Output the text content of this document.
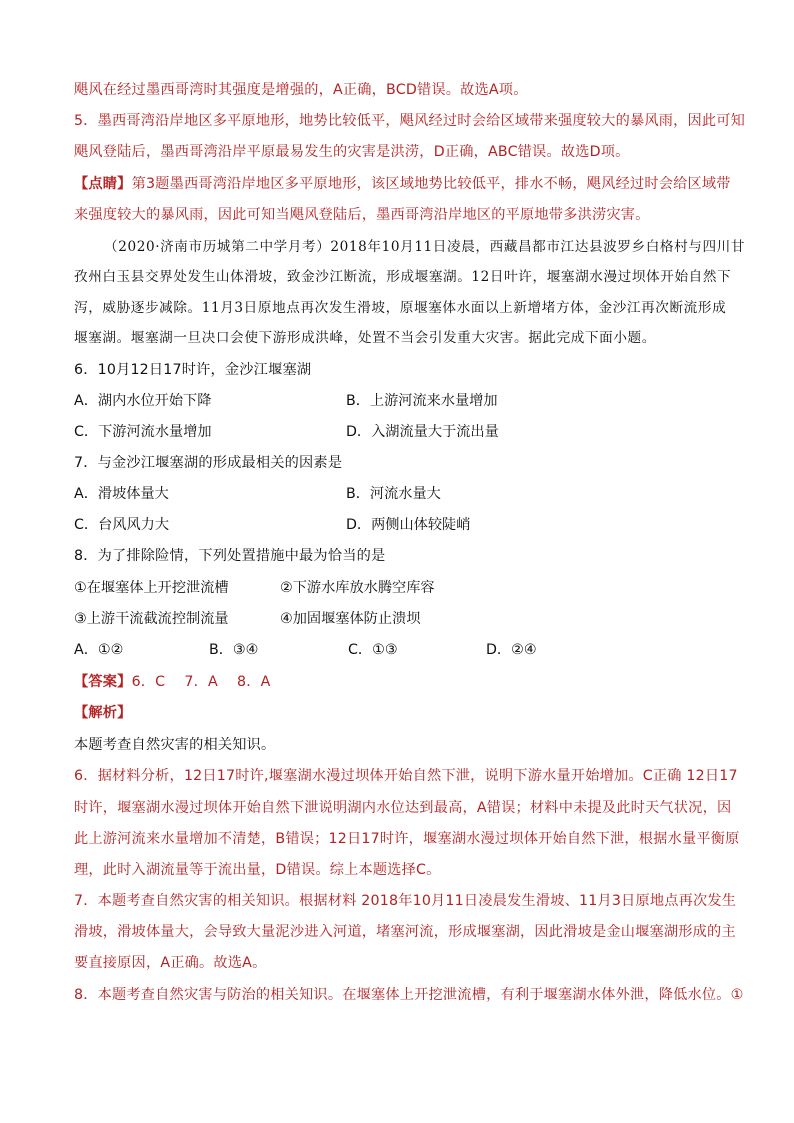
飓风在经过墨西哥湾时其强度是增强的，A正确，BCD错误。故选A项。
5．墨西哥湾沿岸地区多平原地形，地势比较低平，飓风经过时会给区域带来强度较大的暴风雨，因此可知
飓风登陆后，墨西哥湾沿岸平原最易发生的灾害是洪涝，D正确，ABC错误。故选D项。
【点睛】第3题墨西哥湾沿岸地区多平原地形，该区域地势比较低平，排水不畅，飓风经过时会给区域带
来强度较大的暴风雨，因此可知当飓风登陆后，墨西哥湾沿岸地区的平原地带多洪涝灾害。
（2020·济南市历城第二中学月考）2018年10月11日凌晨，西藏昌都市江达县波罗乡白格村与四川甘
孜州白玉县交界处发生山体滑坡，致金沙江断流，形成堰塞湖。12日叶许，堰塞湖水漫过坝体开始自然下
泻，威胁逐步减除。11月3日原地点再次发生滑坡，原堰塞体水面以上新增堵方体，金沙江再次断流形成
堰塞湖。堰塞湖一旦决口会使下游形成洪峰，处置不当会引发重大灾害。据此完成下面小题。
6．10月12日17时许，金沙江堰塞湖
A．湖内水位开始下降	B．上游河流来水量增加
C．下游河流水量增加	D．入湖流量大于流出量
7．与金沙江堰塞湖的形成最相关的因素是
A．滑坡体量大	B．河流水量大
C．台风风力大	D．两侧山体较陡峭
8．为了排除险情，下列处置措施中最为恰当的是
①在堰塞体上开挖泄流槽	②下游水库放水腾空库容
③上游干流截流控制流量	④加固堰塞体防止溃坝
A．①②	B．③④	C．①③	D．②④
【答案】6．C　 7．A　 8．A
【解析】
本题考查自然灾害的相关知识。
6．据材料分析，12日17时许,堰塞湖水漫过坝体开始自然下泄，说明下游水量开始增加。C正确 12日17
时许，堰塞湖水漫过坝体开始自然下泄说明湖内水位达到最高，A错误；材料中未提及此时天气状况，因
此上游河流来水量增加不清楚，B错误；12日17时许，堰塞湖水漫过坝体开始自然下泄，根据水量平衡原
理，此时入湖流量等于流出量，D错误。综上本题选择C。
7．本题考查自然灾害的相关知识。根据材料 2018年10月11日凌晨发生滑坡、11月3日原地点再次发生
滑坡，滑坡体量大，会导致大量泥沙进入河道，堵塞河流，形成堰塞湖，因此滑坡是金山堰塞湖形成的主
要直接原因，A正确。故选A。
8．本题考查自然灾害与防治的相关知识。在堰塞体上开挖泄流槽，有利于堰塞湖水体外泄，降低水位。①
